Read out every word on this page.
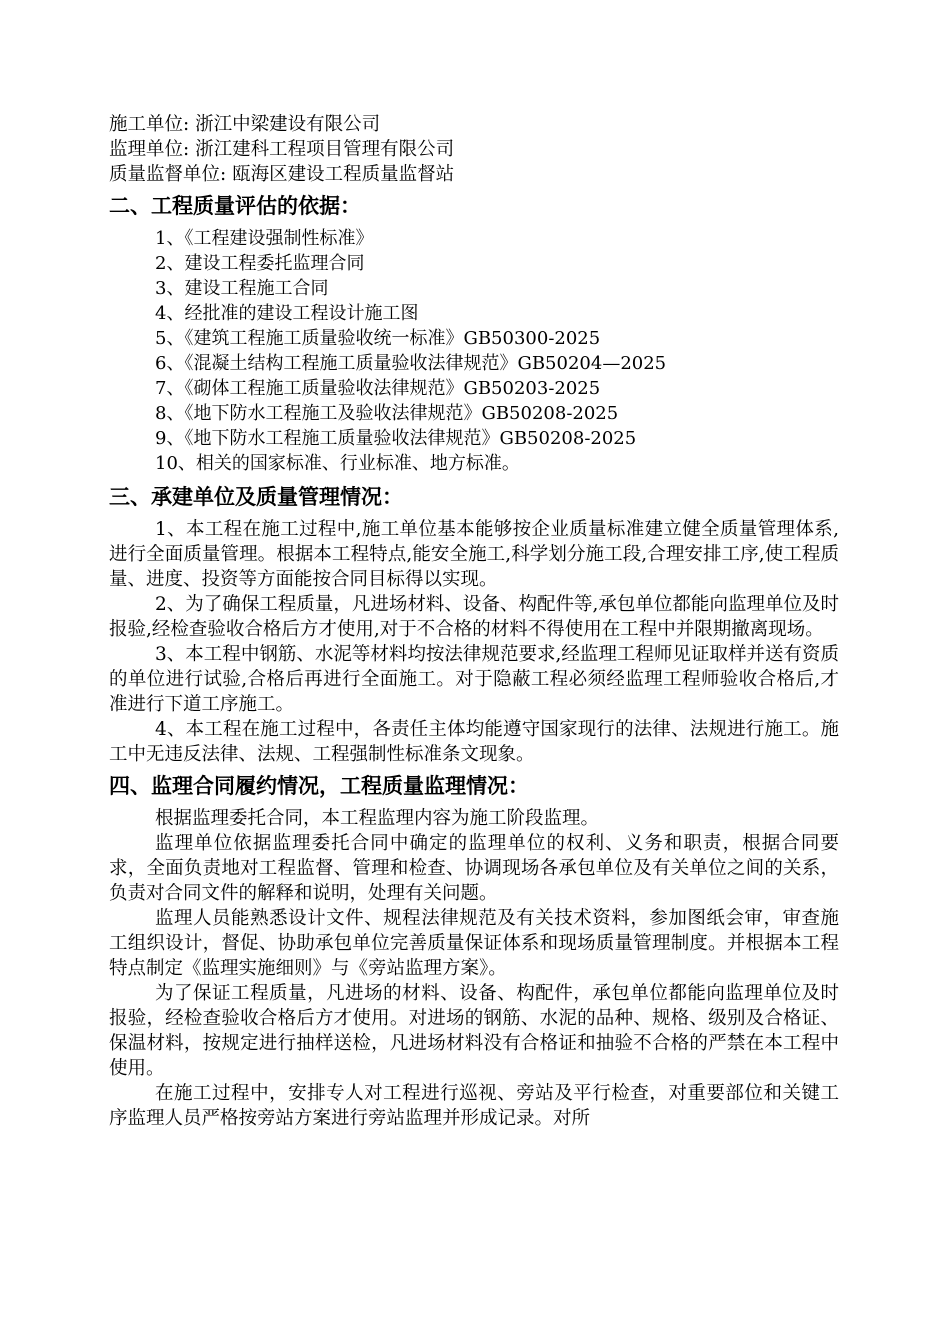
施工单位: 浙江中梁建设有限公司
监理单位: 浙江建科工程项目管理有限公司
质量监督单位: 瓯海区建设工程质量监督站
二、工程质量评估的依据：
1、《工程建设强制性标准》
2、建设工程委托监理合同
3、建设工程施工合同
4、经批准的建设工程设计施工图
5、《建筑工程施工质量验收统一标准》GB50300-2025
6、《混凝土结构工程施工质量验收法律规范》GB50204—2025
7、《砌体工程施工质量验收法律规范》GB50203-2025
8、《地下防水工程施工及验收法律规范》GB50208-2025
9、《地下防水工程施工质量验收法律规范》GB50208-2025
10、相关的国家标准、行业标准、地方标准。
三、承建单位及质量管理情况：

1、本工程在施工过程中,施工单位基本能够按企业质量标准建立健全质量管理体系,进行全面质量管理。根据本工程特点,能安全施工,科学划分施工段,合理安排工序,使工程质量、进度、投资等方面能按合同目标得以实现。

2、为了确保工程质量，凡进场材料、设备、构配件等,承包单位都能向监理单位及时报验,经检查验收合格后方才使用,对于不合格的材料不得使用在工程中并限期撤离现场。

3、本工程中钢筋、水泥等材料均按法律规范要求,经监理工程师见证取样并送有资质的单位进行试验,合格后再进行全面施工。对于隐蔽工程必须经监理工程师验收合格后,才准进行下道工序施工。

4、本工程在施工过程中，各责任主体均能遵守国家现行的法律、法规进行施工。施工中无违反法律、法规、工程强制性标准条文现象。

四、监理合同履约情况，工程质量监理情况：

根据监理委托合同，本工程监理内容为施工阶段监理。

监理单位依据监理委托合同中确定的监理单位的权利、义务和职责，根据合同要求，全面负责地对工程监督、管理和检查、协调现场各承包单位及有关单位之间的关系，负责对合同文件的解释和说明，处理有关问题。

监理人员能熟悉设计文件、规程法律规范及有关技术资料，参加图纸会审，审查施工组织设计，督促、协助承包单位完善质量保证体系和现场质量管理制度。并根据本工程特点制定《监理实施细则》与《旁站监理方案》。

为了保证工程质量，凡进场的材料、设备、构配件，承包单位都能向监理单位及时报验，经检查验收合格后方才使用。对进场的钢筋、水泥的品种、规格、级别及合格证、保温材料，按规定进行抽样送检，凡进场材料没有合格证和抽验不合格的严禁在本工程中使用。

在施工过程中，安排专人对工程进行巡视、旁站及平行检查，对重要部位和关键工序监理人员严格按旁站方案进行旁站监理并形成记录。对所
